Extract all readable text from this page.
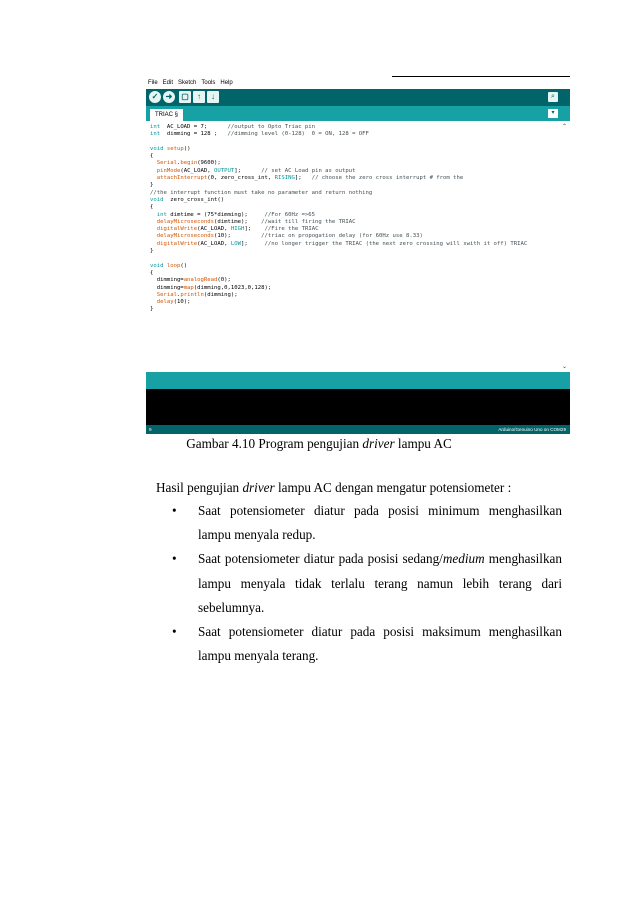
File Edit Sketch Tools Help
✓ ➜	▢	↑	↓	⌕
TRIAC §	▾
int  AC_LOAD = 7;      //output to Opto Triac pin
int  dimming = 128 ;   //dimming level (0-128)  0 = ON, 128 = OFF
void setup()
{
Serial.begin(9600);
pinMode(AC_LOAD, OUTPUT];      // set AC Load pin as output
attachInterrupt(0, zero_cross_int, RISING];   // choose the zero cross interrupt # from the
}
//the interrupt function must take no parameter and return nothing
void  zero_cross_int()
{
int dimtime = (75*dimming);     //For 60Hz =>65
delayMicroseconds(dimtime);    //wait till firing the TRIAC
digitalWrite(AC_LOAD, HIGH];    //Fire the TRIAC
delayMicroseconds(10);         //triac on propogation delay (for 60Hz use 8.33)
digitalWrite(AC_LOAD, LOW];     //no longer trigger the TRIAC (the next zero crossing will swith it off) TRIAC
}
void loop()
{
dimming=analogRead(0);
dimming=map(dimming,0,1023,0,128);
Serial.println(dimming);
delay(10);
}
⌃
⌄
9	Arduino/Genuino Uno on COM29
Gambar 4.10 Program pengujian driver lampu AC
Hasil pengujian driver lampu AC dengan mengatur potensiometer :
• Saat potensiometer diatur pada posisi minimum menghasilkan lampu menyala redup.
• Saat potensiometer diatur pada posisi sedang/medium menghasilkan lampu menyala tidak terlalu terang namun lebih terang dari sebelumnya.
• Saat potensiometer diatur pada posisi maksimum menghasilkan lampu menyala terang.
